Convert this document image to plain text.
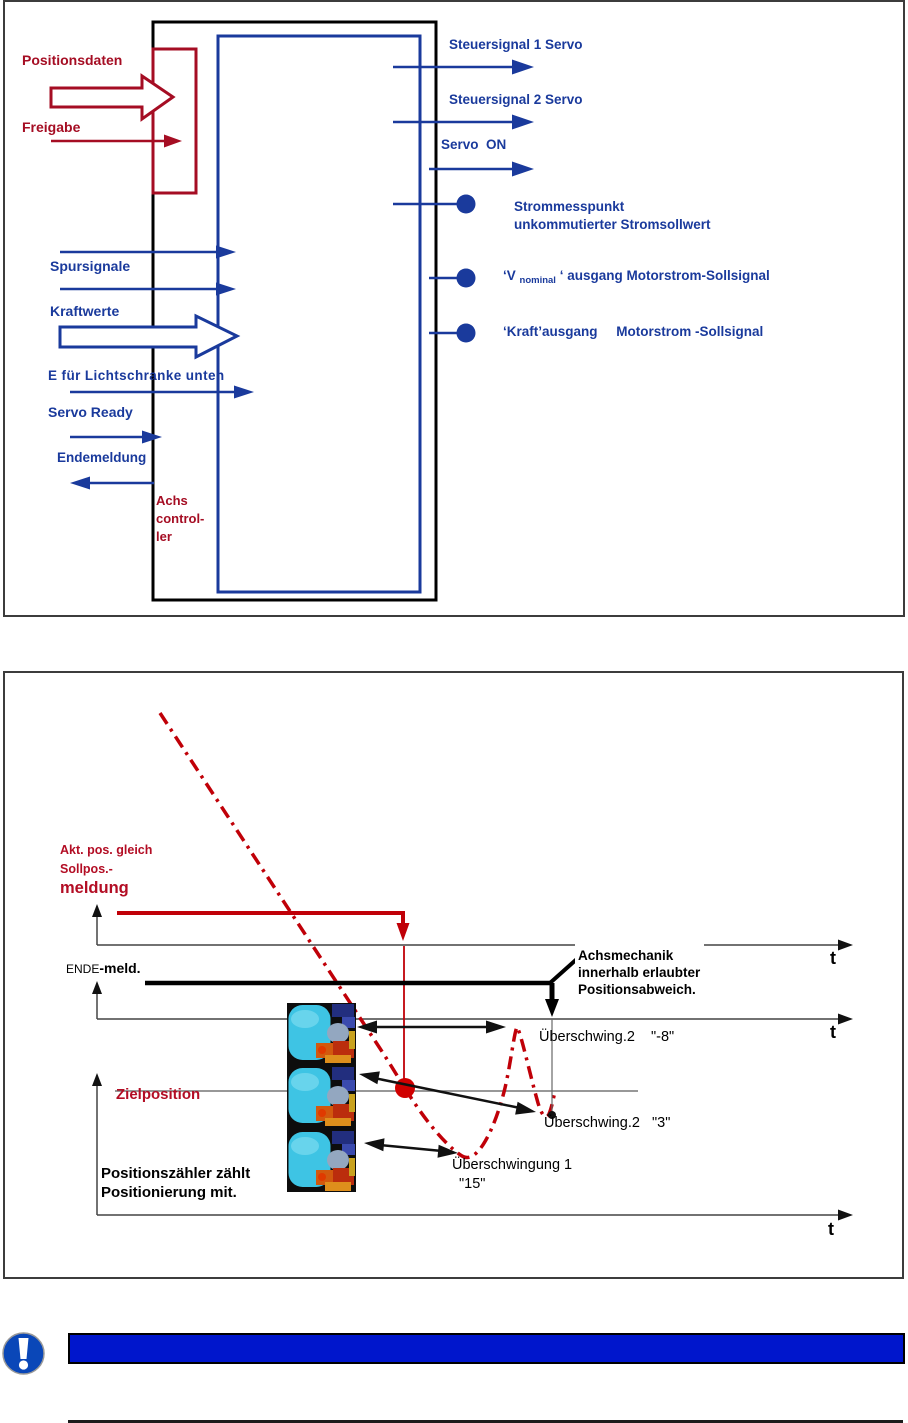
Positionsdaten
Freigabe
Steuersignal 1 Servo
Steuersignal 2 Servo
Servo  ON
Strommesspunkt
unkommutierter Stromsollwert
‘V $_{nominal}$ ‘ ausgang Motorstrom-Sollsignal
‘Kraft’ausgang     Motorstrom -Sollsignal
Spursignale
Kraftwerte
E für Lichtschranke unten
Servo Ready
Endemeldung
Achs
control-
ler
Akt. pos. gleich
Sollpos.-
meldung
ENDE-meld.
Achsmechanik
innerhalb erlaubter
Positionsabweich.
Zielposition
Positionszähler zählt
Positionierung mit.
Überschwing.2    "-8"
Überschwing.2   "3"
Überschwingung 1
"15"
t
t
t
